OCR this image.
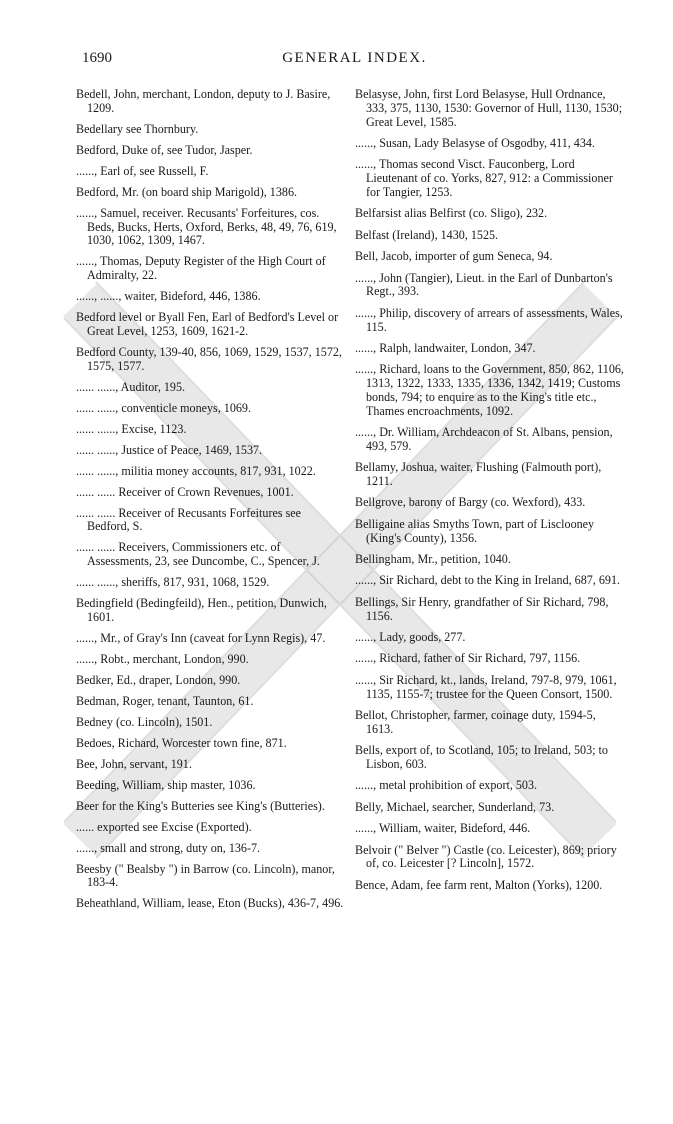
1690	GENERAL INDEX.

Bedell, John, merchant, London, deputy to J. Basire, 1209.

Bedellary see Thornbury.

Bedford, Duke of, see Tudor, Jasper.

......, Earl of, see Russell, F.

Bedford, Mr. (on board ship Marigold), 1386.

......, Samuel, receiver. Recusants' Forfeitures, cos. Beds, Bucks, Herts, Oxford, Berks, 48, 49, 76, 619, 1030, 1062, 1309, 1467.

......, Thomas, Deputy Register of the High Court of Admiralty, 22.

......, ......, waiter, Bideford, 446, 1386.

Bedford level or Byall Fen, Earl of Bedford's Level or Great Level, 1253, 1609, 1621-2.

Bedford County, 139-40, 856, 1069, 1529, 1537, 1572, 1575, 1577.

...... ......, Auditor, 195.

...... ......, conventicle moneys, 1069.

...... ......, Excise, 1123.

...... ......, Justice of Peace, 1469, 1537.

...... ......, militia money accounts, 817, 931, 1022.

...... ...... Receiver of Crown Revenues, 1001.

...... ...... Receiver of Recusants Forfeitures see Bedford, S.

...... ...... Receivers, Commissioners etc. of Assessments, 23, see Duncombe, C., Spencer, J.

...... ......, sheriffs, 817, 931, 1068, 1529.

Bedingfield (Bedingfeild), Hen., petition, Dunwich, 1601.

......, Mr., of Gray's Inn (caveat for Lynn Regis), 47.

......, Robt., merchant, London, 990.

Bedker, Ed., draper, London, 990.

Bedman, Roger, tenant, Taunton, 61.

Bedney (co. Lincoln), 1501.

Bedoes, Richard, Worcester town fine, 871.

Bee, John, servant, 191.

Beeding, William, ship master, 1036.

Beer for the King's Butteries see King's (Butteries).

...... exported see Excise (Exported).

......, small and strong, duty on, 136-7.

Beesby (" Bealsby ") in Barrow (co. Lincoln), manor, 183-4.

Beheathland, William, lease, Eton (Bucks), 436-7, 496.

Belasyse, John, first Lord Belasyse, Hull Ordnance, 333, 375, 1130, 1530: Governor of Hull, 1130, 1530; Great Level, 1585.

......, Susan, Lady Belasyse of Osgodby, 411, 434.

......, Thomas second Visct. Fauconberg, Lord Lieutenant of co. Yorks, 827, 912: a Commissioner for Tangier, 1253.

Belfarsist alias Belfirst (co. Sligo), 232.

Belfast (Ireland), 1430, 1525.

Bell, Jacob, importer of gum Seneca, 94.

......, John (Tangier), Lieut. in the Earl of Dunbarton's Regt., 393.

......, Philip, discovery of arrears of assessments, Wales, 115.

......, Ralph, landwaiter, London, 347.

......, Richard, loans to the Government, 850, 862, 1106, 1313, 1322, 1333, 1335, 1336, 1342, 1419; Customs bonds, 794; to enquire as to the King's title etc., Thames encroachments, 1092.

......, Dr. William, Archdeacon of St. Albans, pension, 493, 579.

Bellamy, Joshua, waiter, Flushing (Falmouth port), 1211.

Bellgrove, barony of Bargy (co. Wexford), 433.

Belligaine alias Smyths Town, part of Lisclooney (King's County), 1356.

Bellingham, Mr., petition, 1040.

......, Sir Richard, debt to the King in Ireland, 687, 691.

Bellings, Sir Henry, grandfather of Sir Richard, 798, 1156.

......, Lady, goods, 277.

......, Richard, father of Sir Richard, 797, 1156.

......, Sir Richard, kt., lands, Ireland, 797-8, 979, 1061, 1135, 1155-7; trustee for the Queen Consort, 1500.

Bellot, Christopher, farmer, coinage duty, 1594-5, 1613.

Bells, export of, to Scotland, 105; to Ireland, 503; to Lisbon, 603.

......, metal prohibition of export, 503.

Belly, Michael, searcher, Sunderland, 73.

......, William, waiter, Bideford, 446.

Belvoir (" Belver ") Castle (co. Leicester), 869; priory of, co. Leicester [? Lincoln], 1572.

Bence, Adam, fee farm rent, Malton (Yorks), 1200.
